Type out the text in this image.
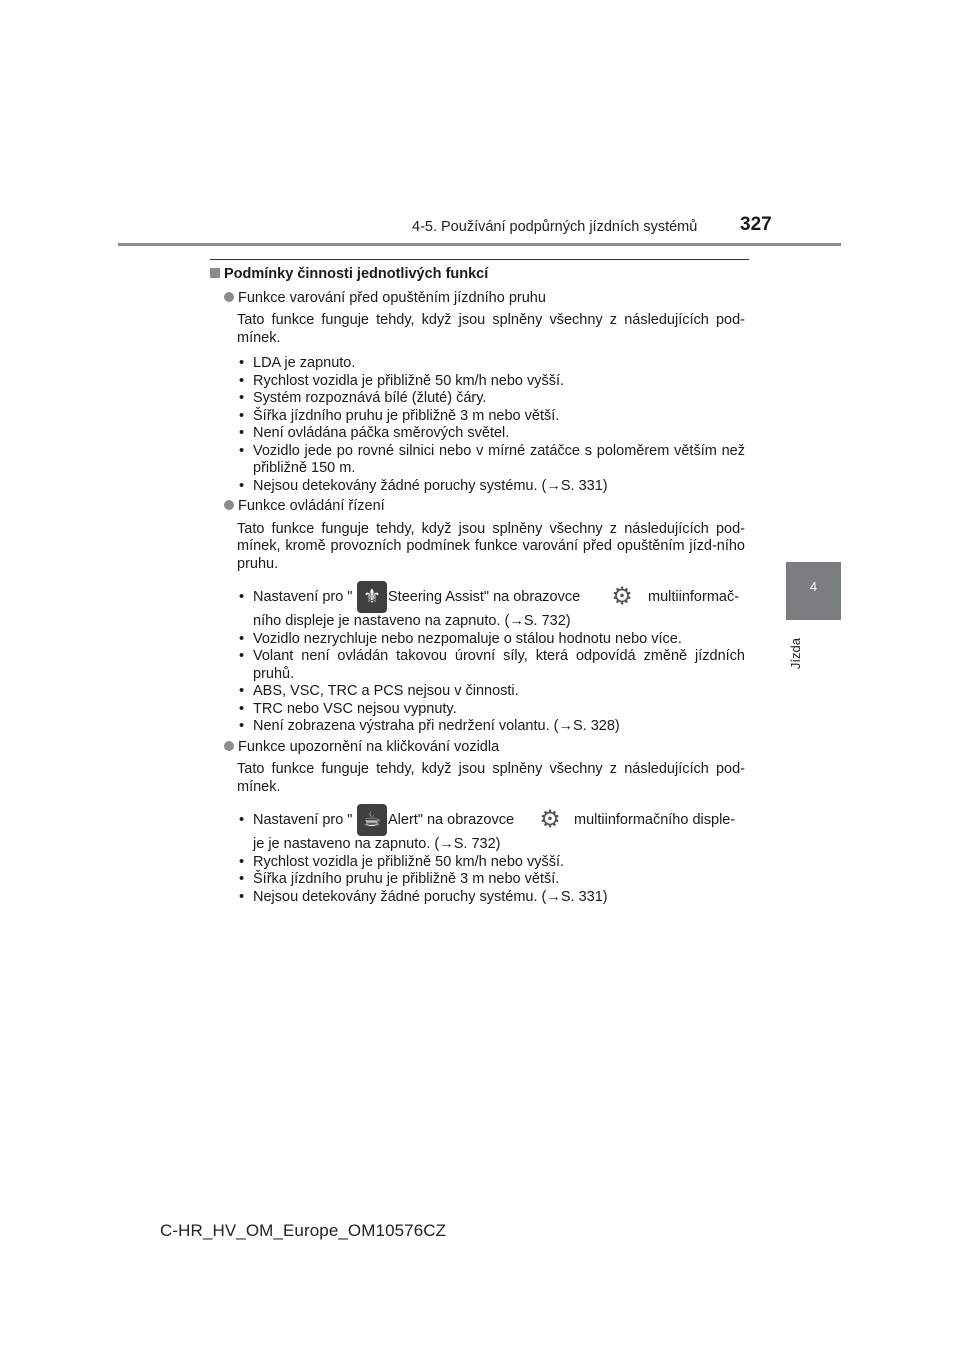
4-5. Používání podpůrných jízdních systémů 327
4
Jízda
Podmínky činnosti jednotlivých funkcí
Funkce varování před opuštěním jízdního pruhu

Tato funkce funguje tehdy, když jsou splněny všechny z následujících pod-mínek.

• LDA je zapnuto.
• Rychlost vozidla je přibližně 50 km/h nebo vyšší.
• Systém rozpoznává bílé (žluté) čáry.
• Šířka jízdního pruhu je přibližně 3 m nebo větší.
• Není ovládána páčka směrových světel.
• Vozidlo jede po rovné silnici nebo v mírné zatáčce s poloměrem větším než přibližně 150 m.
• Nejsou detekovány žádné poruchy systému. (→S. 331)
Funkce ovládání řízení

Tato funkce funguje tehdy, když jsou splněny všechny z následujících pod-mínek, kromě provozních podmínek funkce varování před opuštěním jízd-ního pruhu.

• Nastavení pro " ⚜ Steering Assist" na obrazovce ⚙	multiinformač-
ního displeje je nastaveno na zapnuto. (→S. 732)
• Vozidlo nezrychluje nebo nezpomaluje o stálou hodnotu nebo více.
• Volant není ovládán takovou úrovní síly, která odpovídá změně jízdních pruhů.
• ABS, VSC, TRC a PCS nejsou v činnosti.
• TRC nebo VSC nejsou vypnuty.
• Není zobrazena výstraha při nedržení volantu. (→S. 328)
Funkce upozornění na kličkování vozidla

Tato funkce funguje tehdy, když jsou splněny všechny z následujících pod-mínek.

• Nastavení pro " ☕ Alert" na obrazovce ⚙ multiinformačního disple-
je je nastaveno na zapnuto. (→S. 732)
• Rychlost vozidla je přibližně 50 km/h nebo vyšší.
• Šířka jízdního pruhu je přibližně 3 m nebo větší.
• Nejsou detekovány žádné poruchy systému. (→S. 331)
C-HR_HV_OM_Europe_OM10576CZ
